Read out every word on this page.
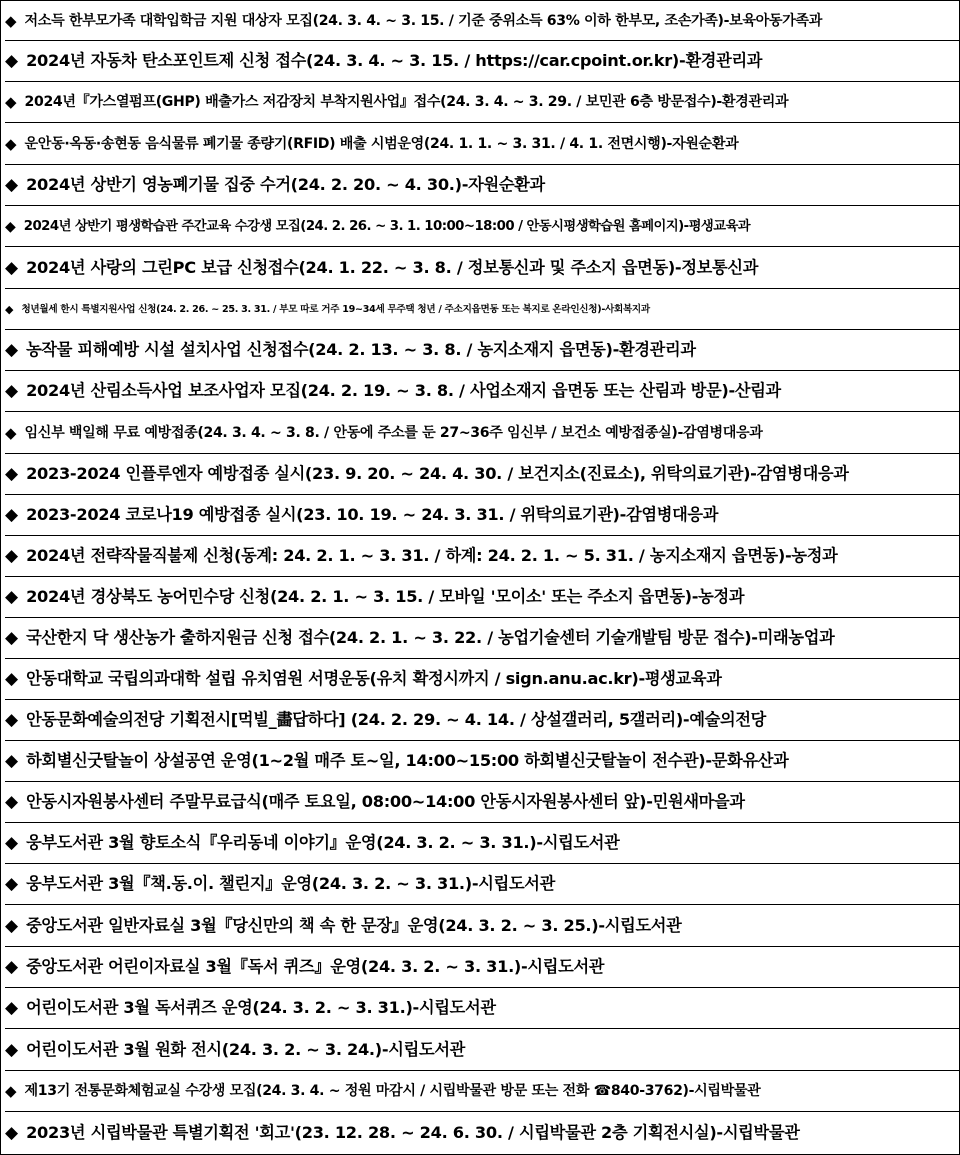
◆ 저소득 한부모가족 대학입학금 지원 대상자 모집(24. 3. 4. ~ 3. 15. / 기준 중위소득 63% 이하 한부모, 조손가족)-보육아동가족과
◆ 2024년 자동차 탄소포인트제 신청 접수(24. 3. 4. ~ 3. 15. / https://car.cpoint.or.kr)-환경관리과
◆ 2024년『가스열펌프(GHP) 배출가스 저감장치 부착지원사업』접수(24. 3. 4. ~ 3. 29. / 보민관 6층 방문접수)-환경관리과
◆ 운안동·옥동·송현동 음식물류 폐기물 종량기(RFID) 배출 시범운영(24. 1. 1. ~ 3. 31. / 4. 1. 전면시행)-자원순환과
◆ 2024년 상반기 영농폐기물 집중 수거(24. 2. 20. ~ 4. 30.)-자원순환과
◆ 2024년 상반기 평생학습관 주간교육 수강생 모집(24. 2. 26. ~ 3. 1. 10:00~18:00 / 안동시평생학습원 홈페이지)-평생교육과
◆ 2024년 사랑의 그린PC 보급 신청접수(24. 1. 22. ~ 3. 8. / 정보통신과 및 주소지 읍면동)-정보통신과
◆ 청년월세 한시 특별지원사업 신청(24. 2. 26. ~ 25. 3. 31. / 부모 따로 거주 19~34세 무주택 청년 / 주소지읍면동 또는 복지로 온라인신청)-사회복지과
◆ 농작물 피해예방 시설 설치사업 신청접수(24. 2. 13. ~ 3. 8. / 농지소재지 읍면동)-환경관리과
◆ 2024년 산림소득사업 보조사업자 모집(24. 2. 19. ~ 3. 8. / 사업소재지 읍면동 또는 산림과 방문)-산림과
◆ 임신부 백일해 무료 예방접종(24. 3. 4. ~ 3. 8. / 안동에 주소를 둔 27~36주 임신부 / 보건소 예방접종실)-감염병대응과
◆ 2023-2024 인플루엔자 예방접종 실시(23. 9. 20. ~ 24. 4. 30. / 보건지소(진료소), 위탁의료기관)-감염병대응과
◆ 2023-2024 코로나19 예방접종 실시(23. 10. 19. ~ 24. 3. 31. / 위탁의료기관)-감염병대응과
◆ 2024년 전략작물직불제 신청(동계: 24. 2. 1. ~ 3. 31. / 하계: 24. 2. 1. ~ 5. 31. / 농지소재지 읍면동)-농정과
◆ 2024년 경상북도 농어민수당 신청(24. 2. 1. ~ 3. 15. / 모바일 '모이소' 또는 주소지 읍면동)-농정과
◆ 국산한지 닥 생산농가 출하지원금 신청 접수(24. 2. 1. ~ 3. 22. / 농업기술센터 기술개발팀 방문 접수)-미래농업과
◆ 안동대학교 국립의과대학 설립 유치염원 서명운동(유치 확정시까지 / sign.anu.ac.kr)-평생교육과
◆ 안동문화예술의전당 기획전시[먹빌_畵답하다] (24. 2. 29. ~ 4. 14. / 상설갤러리, 5갤러리)-예술의전당
◆ 하회별신굿탈놀이 상설공연 운영(1~2월 매주 토~일, 14:00~15:00 하회별신굿탈놀이 전수관)-문화유산과
◆ 안동시자원봉사센터 주말무료급식(매주 토요일, 08:00~14:00 안동시자원봉사센터 앞)-민원새마을과
◆ 웅부도서관 3월 향토소식『우리동네 이야기』운영(24. 3. 2. ~ 3. 31.)-시립도서관
◆ 웅부도서관 3월『책.동.이. 챌린지』운영(24. 3. 2. ~ 3. 31.)-시립도서관
◆ 중앙도서관 일반자료실 3월『당신만의 책 속 한 문장』운영(24. 3. 2. ~ 3. 25.)-시립도서관
◆ 중앙도서관 어린이자료실 3월『독서 퀴즈』운영(24. 3. 2. ~ 3. 31.)-시립도서관
◆ 어린이도서관 3월 독서퀴즈 운영(24. 3. 2. ~ 3. 31.)-시립도서관
◆ 어린이도서관 3월 원화 전시(24. 3. 2. ~ 3. 24.)-시립도서관
◆ 제13기 전통문화체험교실 수강생 모집(24. 3. 4. ~ 정원 마감시 / 시립박물관 방문 또는 전화 ☎840-3762)-시립박물관
◆ 2023년 시립박물관 특별기획전 '회고'(23. 12. 28. ~ 24. 6. 30. / 시립박물관 2층 기획전시실)-시립박물관
